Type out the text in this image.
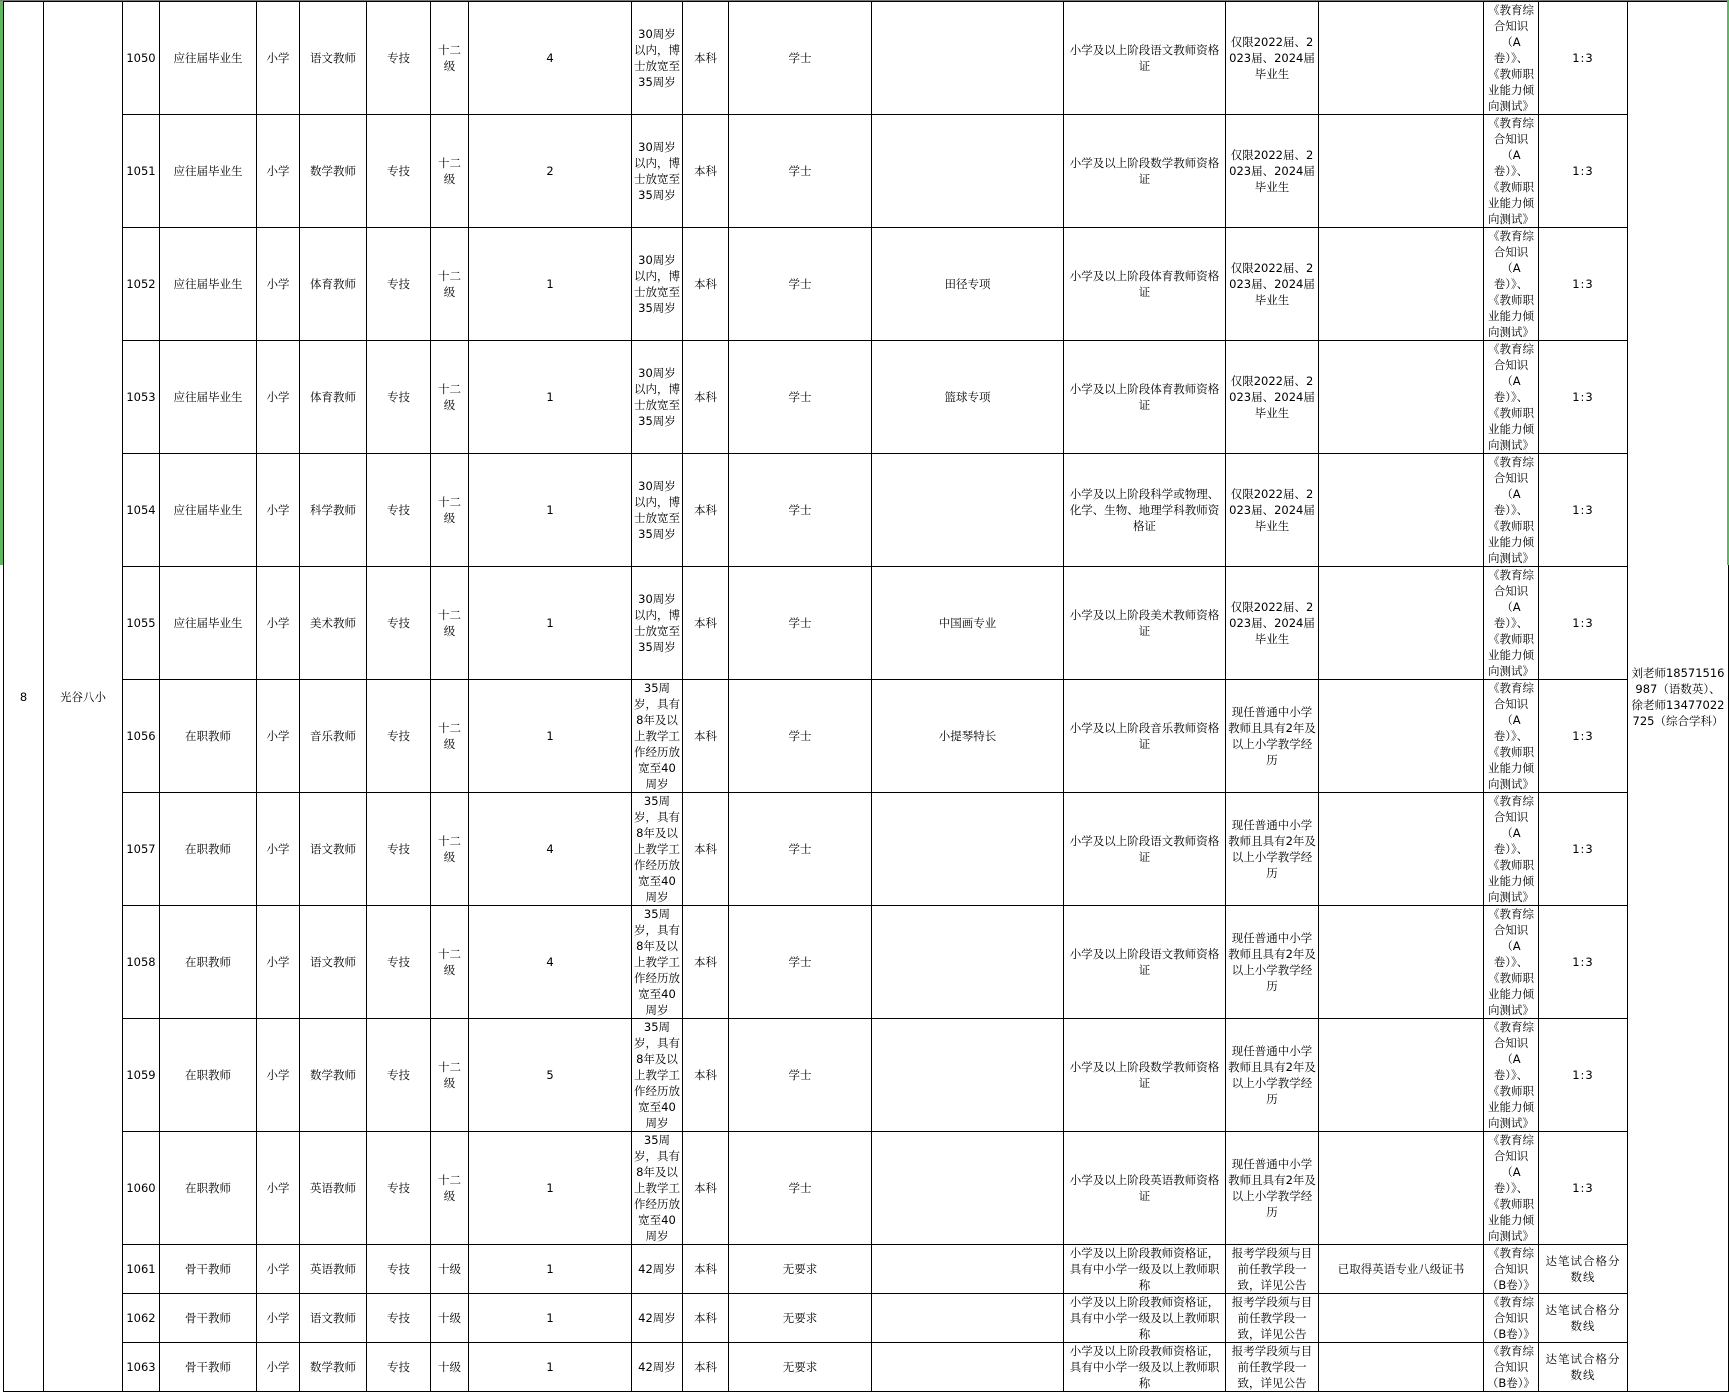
8	光谷八小	1050	应往届毕业生	小学	语文教师	专技	十二级	4	30周岁以内，博士放宽至35周岁	本科	学士		小学及以上阶段语文教师资格证	仅限2022届、2023届、2024届毕业生		《教育综合知识（A卷）》、《教师职业能力倾向测试》	1:3	刘老师18571516987（语数英）、徐老师13477022725（综合学科）
		1051	应往届毕业生	小学	数学教师	专技	十二级	2	30周岁以内，博士放宽至35周岁	本科	学士		小学及以上阶段数学教师资格证	仅限2022届、2023届、2024届毕业生		《教育综合知识（A卷）》、《教师职业能力倾向测试》	1:3	
		1052	应往届毕业生	小学	体育教师	专技	十二级	1	30周岁以内，博士放宽至35周岁	本科	学士	田径专项	小学及以上阶段体育教师资格证	仅限2022届、2023届、2024届毕业生		《教育综合知识（A卷）》、《教师职业能力倾向测试》	1:3	
		1053	应往届毕业生	小学	体育教师	专技	十二级	1	30周岁以内，博士放宽至35周岁	本科	学士	篮球专项	小学及以上阶段体育教师资格证	仅限2022届、2023届、2024届毕业生		《教育综合知识（A卷）》、《教师职业能力倾向测试》	1:3	
		1054	应往届毕业生	小学	科学教师	专技	十二级	1	30周岁以内，博士放宽至35周岁	本科	学士		小学及以上阶段科学或物理、化学、生物、地理学科教师资格证	仅限2022届、2023届、2024届毕业生		《教育综合知识（A卷）》、《教师职业能力倾向测试》	1:3	
		1055	应往届毕业生	小学	美术教师	专技	十二级	1	30周岁以内，博士放宽至35周岁	本科	学士	中国画专业	小学及以上阶段美术教师资格证	仅限2022届、2023届、2024届毕业生		《教育综合知识（A卷）》、《教师职业能力倾向测试》	1:3	
		1056	在职教师	小学	音乐教师	专技	十二级	1	35周岁，具有8年及以上教学工作经历放宽至40周岁	本科	学士	小提琴特长	小学及以上阶段音乐教师资格证	现任普通中小学教师且具有2年及以上小学教学经历		《教育综合知识（A卷）》、《教师职业能力倾向测试》	1:3	
		1057	在职教师	小学	语文教师	专技	十二级	4	35周岁，具有8年及以上教学工作经历放宽至40周岁	本科	学士		小学及以上阶段语文教师资格证	现任普通中小学教师且具有2年及以上小学教学经历		《教育综合知识（A卷）》、《教师职业能力倾向测试》	1:3	
		1058	在职教师	小学	语文教师	专技	十二级	4	35周岁，具有8年及以上教学工作经历放宽至40周岁	本科	学士		小学及以上阶段语文教师资格证	现任普通中小学教师且具有2年及以上小学教学经历		《教育综合知识（A卷）》、《教师职业能力倾向测试》	1:3	
		1059	在职教师	小学	数学教师	专技	十二级	5	35周岁，具有8年及以上教学工作经历放宽至40周岁	本科	学士		小学及以上阶段数学教师资格证	现任普通中小学教师且具有2年及以上小学教学经历		《教育综合知识（A卷）》、《教师职业能力倾向测试》	1:3	
		1060	在职教师	小学	英语教师	专技	十二级	1	35周岁，具有8年及以上教学工作经历放宽至40周岁	本科	学士		小学及以上阶段英语教师资格证	现任普通中小学教师且具有2年及以上小学教学经历		《教育综合知识（A卷）》、《教师职业能力倾向测试》	1:3	
		1061	骨干教师	小学	英语教师	专技	十级	1	42周岁	本科	无要求		小学及以上阶段教师资格证，具有中小学一级及以上教师职称	报考学段须与目前任教学段一致，详见公告	已取得英语专业八级证书	《教育综合知识（B卷）》	达笔试合格分数线	
		1062	骨干教师	小学	语文教师	专技	十级	1	42周岁	本科	无要求		小学及以上阶段教师资格证，具有中小学一级及以上教师职称	报考学段须与目前任教学段一致，详见公告		《教育综合知识（B卷）》	达笔试合格分数线	
		1063	骨干教师	小学	数学教师	专技	十级	1	42周岁	本科	无要求		小学及以上阶段教师资格证，具有中小学一级及以上教师职称	报考学段须与目前任教学段一致，详见公告		《教育综合知识（B卷）》	达笔试合格分数线	
